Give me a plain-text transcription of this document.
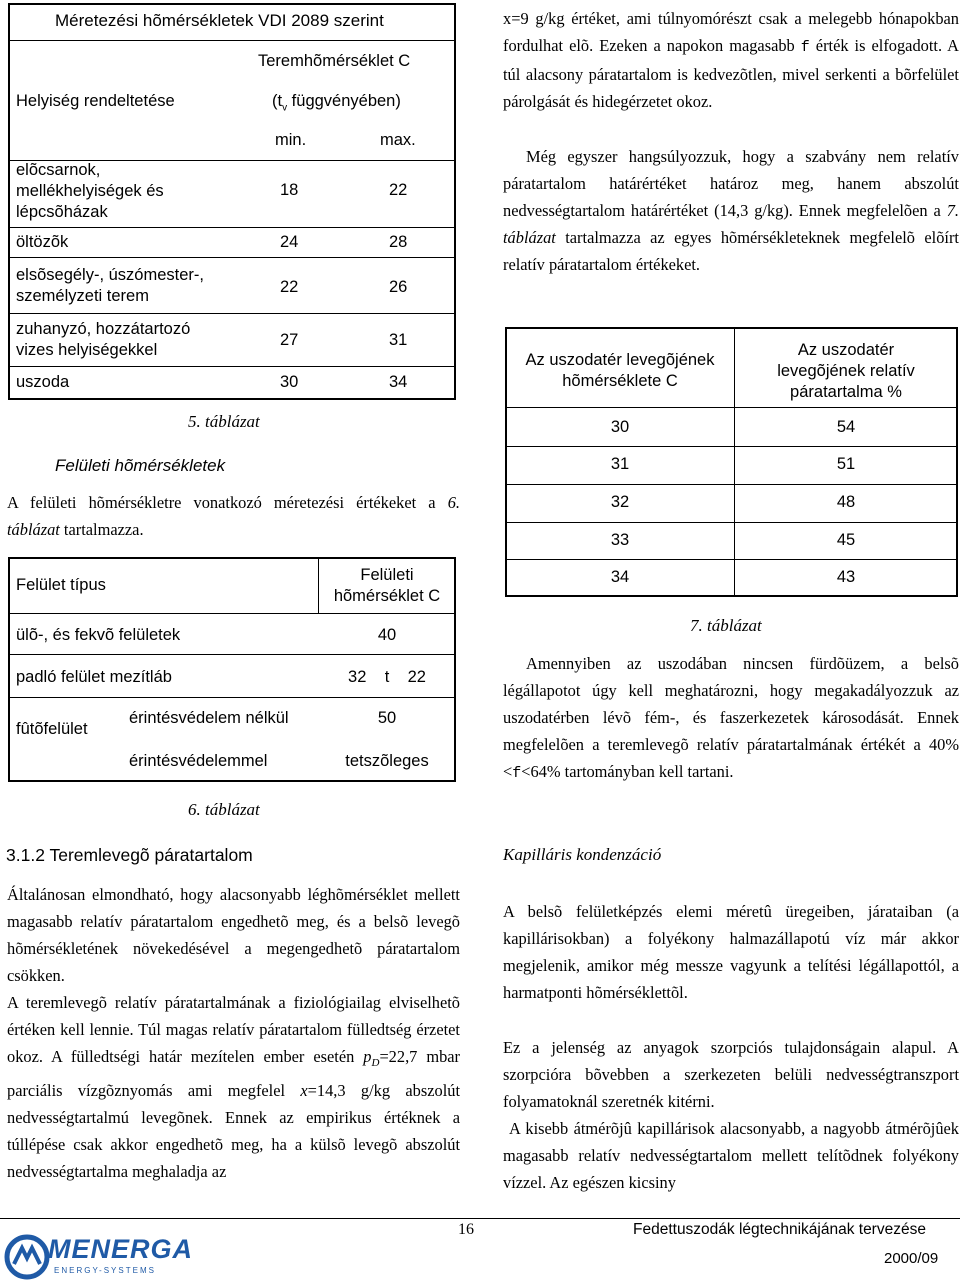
Méretezési hõmérsékletek VDI 2089 szerint
Helyiség rendeltetése
Teremhõmérséklet C
($t_v$ függvényében)
min.	max.
elõcsarnok,
mellékhelyiségek és
lépcsõházak
18	22
öltözõk	24	28
elsõsegély-, úszómester-,
személyzeti terem	22	26
zuhanyzó, hozzátartozó
vizes helyiségekkel
27	31
uszoda	30	34
5. táblázat
Felületi hõmérsékletek

A felületi hõmérsékletre vonatkozó méretezési értékeket a 6. táblázat tartalmazza.

Felület típus
Felületi
hõmérséklet C
ülõ-, és fekvõ felületek	40
padló felület mezítláb	32    t    22
fûtõfelület
érintésvédelem nélkül	50
érintésvédelemmel	tetszõleges
6. táblázat
3.1.2 Teremlevegõ páratartalom

Általánosan elmondható, hogy alacsonyabb léghõmérséklet mellett magasabb relatív páratartalom engedhetõ meg, és a belsõ levegõ hõmérsékletének növekedésével a megengedhetõ páratartalom csökken.

A teremlevegõ relatív páratartalmának a fiziológiailag elviselhetõ értéken kell lennie. Túl magas relatív páratartalom fülledtség érzetet okoz. A fülledtségi határ mezítelen ember esetén $p_D=22,7$ mbar parciális vízgõznyomás ami megfelel x=14,3 g/kg abszolút nedvességtartalmú levegõnek. Ennek az empirikus értéknek a túllépése csak akkor engedhetõ meg, ha a külsõ levegõ abszolút nedvességtartalma meghaladja az

x=9 g/kg értéket, ami túlnyomórészt csak a melegebb hónapokban fordulhat elõ. Ezeken a napokon magasabb f érték is elfogadott. A túl alacsony páratartalom is kedvezõtlen, mivel serkenti a bõrfelület párolgását és hidegérzetet okoz.

Még egyszer hangsúlyozzuk, hogy a szabvány nem relatív páratartalom határértéket határoz meg, hanem abszolút nedvességtartalom határértéket (14,3 g/kg). Ennek megfelelõen a 7. táblázat tartalmazza az egyes hõmérsékleteknek megfelelõ elõírt relatív páratartalom értékeket.

Az uszodatér levegõjének
hõmérséklete C
Az uszodatér
levegõjének relatív
páratartalma %
30	54
31	51
32	48
33	45
34	43
7. táblázat

Amennyiben az uszodában nincsen fürdõüzem, a belsõ légállapotot úgy kell meghatározni, hogy megakadályozzuk az uszodatérben lévõ fém-, és faszerkezetek károsodását. Ennek megfelelõen a teremlevegõ relatív páratartalmának értékét a 40%<f<64% tartományban kell tartani.

Kapilláris kondenzáció

A belsõ felületképzés elemi méretû üregeiben, járataiban (a kapillárisokban) a folyékony halmazállapotú víz már akkor megjelenik, amikor még messze vagyunk a telítési légállapottól, a harmatponti hõmérséklettõl.

Ez a jelenség az anyagok szorpciós tulajdonságain alapul. A szorpcióra bõvebben a szerkezeten belüli nedvességtranszport folyamatoknál szeretnék kitérni.

A kisebb átmérõjû kapillárisok alacsonyabb, a nagyobb átmérõjûek magasabb relatív nedvességtartalom mellett telítõdnek folyékony vízzel. Az egészen kicsiny

16
MENERGA
ENERGY-SYSTEMS
Fedettuszodák légtechnikájának tervezése
2000/09
